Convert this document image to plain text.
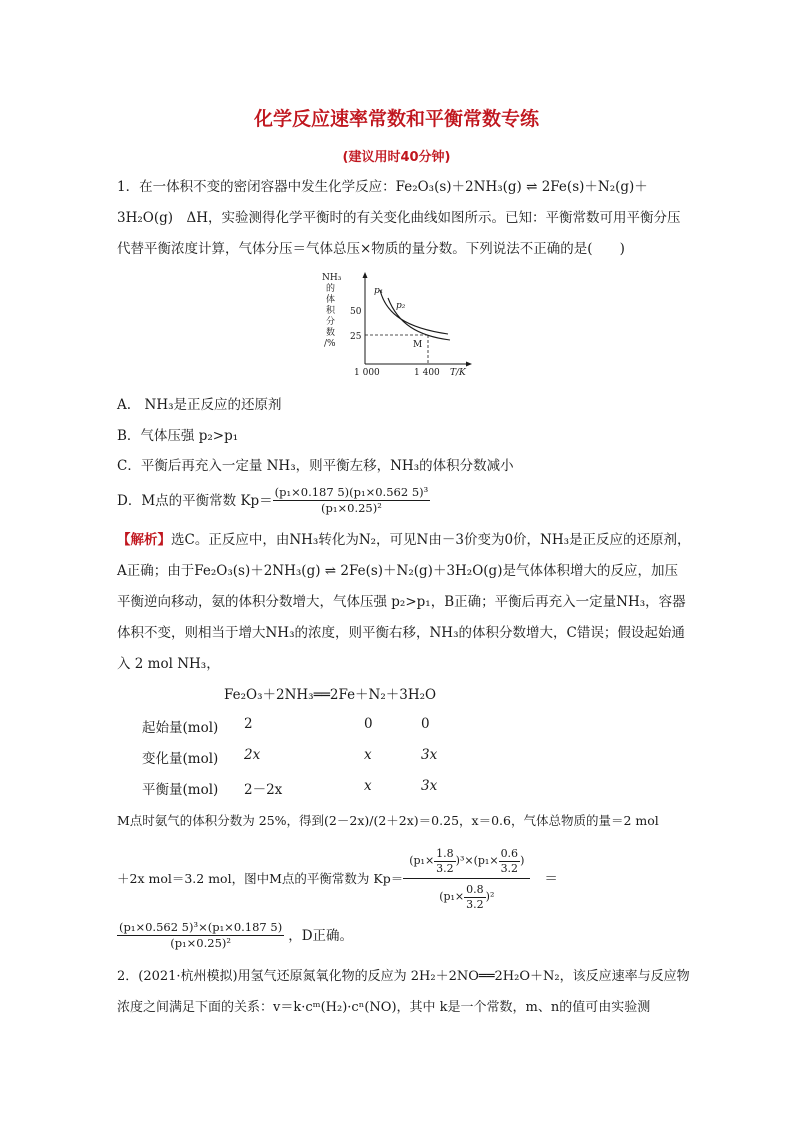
化学反应速率常数和平衡常数专练
(建议用时40分钟)
1．在一体积不变的密闭容器中发生化学反应：Fe₂O₃(s)＋2NH₃(g) ⇌ 2Fe(s)＋N₂(g)＋
3H₂O(g)　ΔH，实验测得化学平衡时的有关变化曲线如图所示。已知：平衡常数可用平衡分压
代替平衡浓度计算，气体分压＝气体总压×物质的量分数。下列说法不正确的是(　　)
NH₃
的
体
积
分
数
/%
50
25
1 000	1 400 T/K
p₁
p₂
M
A.　NH₃是正反应的还原剂
B．气体压强 p₂>p₁
C．平衡后再充入一定量 NH₃，则平衡左移，NH₃的体积分数减小
D．M点的平衡常数 $Kp= \frac{\text{(p₁×0.187 5)(p₁×0.562 5)³}}{\text{(p₁×0.25)²}}$
【解析】选C。正反应中，由NH₃转化为N₂，可见N由－3价变为0价，NH₃是正反应的还原剂，
A正确；由于Fe₂O₃(s)＋2NH₃(g) ⇌ 2Fe(s)＋N₂(g)＋3H₂O(g)是气体体积增大的反应，加压
平衡逆向移动，氨的体积分数增大，气体压强 p₂>p₁，B正确；平衡后再充入一定量NH₃，容器
体积不变，则相当于增大NH₃的浓度，则平衡右移，NH₃的体积分数增大，C错误；假设起始通
入 2 mol NH₃，
Fe₂O₃＋2NH₃══2Fe＋N₂＋3H₂O
起始量(mol) 2	0	0
变化量(mol) 2x	x	3x
平衡量(mol) 2－2x	x	3x
M点时氨气的体积分数为 25%，得到(2－2x)/(2＋2x)＝0.25，x＝0.6，气体总物质的量＝2 mol
＋2x mol＝3.2 mol，图中M点的平衡常数为 $Kp= \frac{(p_1\times \frac{1.8}{3.2} )^3\times(p_1\times \frac{0.6}{3.2} )}{(p_1\times \frac{0.8}{3.2} )^2}$ ＝
$\frac{\text{(p₁×0.562 5)³×(p₁×0.187 5)}}{\text{(p₁×0.25)²}}$ ，D正确。
2．(2021·杭州模拟)用氢气还原氮氧化物的反应为 2H₂＋2NO══2H₂O＋N₂，该反应速率与反应物
浓度之间满足下面的关系：v＝k·cᵐ(H₂)·cⁿ(NO)，其中 k是一个常数，m、n的值可由实验测
